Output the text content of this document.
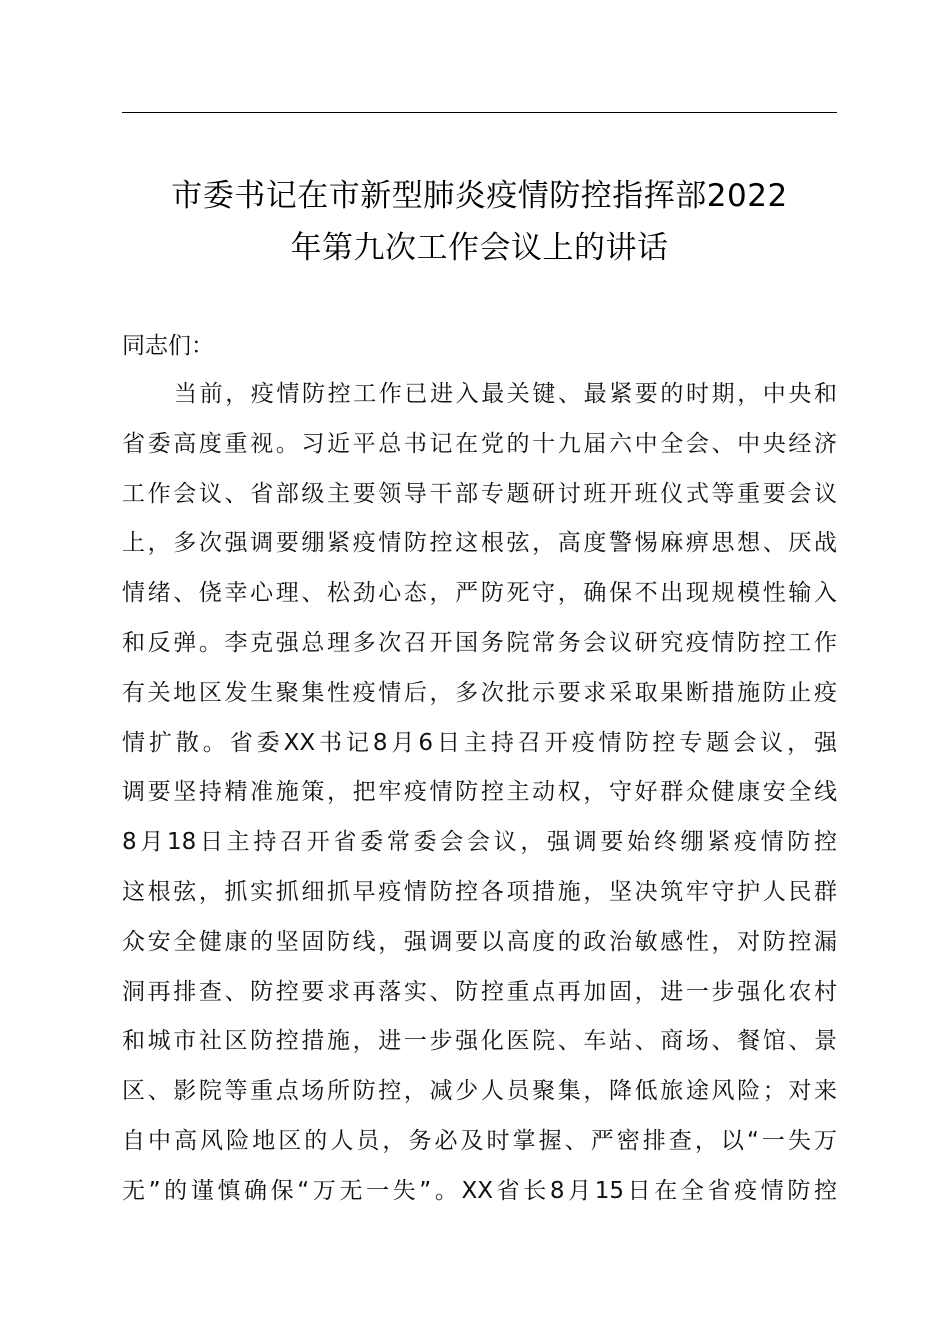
市委书记在市新型肺炎疫情防控指挥部2022
年第九次工作会议上的讲话
同志们：
当前，疫情防控工作已进入最关键、最紧要的时期，中央和
省委高度重视。习近平总书记在党的十九届六中全会、中央经济
工作会议、省部级主要领导干部专题研讨班开班仪式等重要会议
上，多次强调要绷紧疫情防控这根弦，高度警惕麻痹思想、厌战
情绪、侥幸心理、松劲心态，严防死守，确保不出现规模性输入
和反弹。李克强总理多次召开国务院常务会议研究疫情防控工作
有关地区发生聚集性疫情后，多次批示要求采取果断措施防止疫
情扩散。省委XX书记8月6日主持召开疫情防控专题会议，强
调要坚持精准施策，把牢疫情防控主动权，守好群众健康安全线
8月18日主持召开省委常委会会议，强调要始终绷紧疫情防控
这根弦，抓实抓细抓早疫情防控各项措施，坚决筑牢守护人民群
众安全健康的坚固防线，强调要以高度的政治敏感性，对防控漏
洞再排查、防控要求再落实、防控重点再加固，进一步强化农村
和城市社区防控措施，进一步强化医院、车站、商场、餐馆、景
区、影院等重点场所防控，减少人员聚集，降低旅途风险；对来
自中高风险地区的人员，务必及时掌握、严密排查，以“一失万
无”的谨慎确保“万无一失”。XX省长8月15日在全省疫情防控
